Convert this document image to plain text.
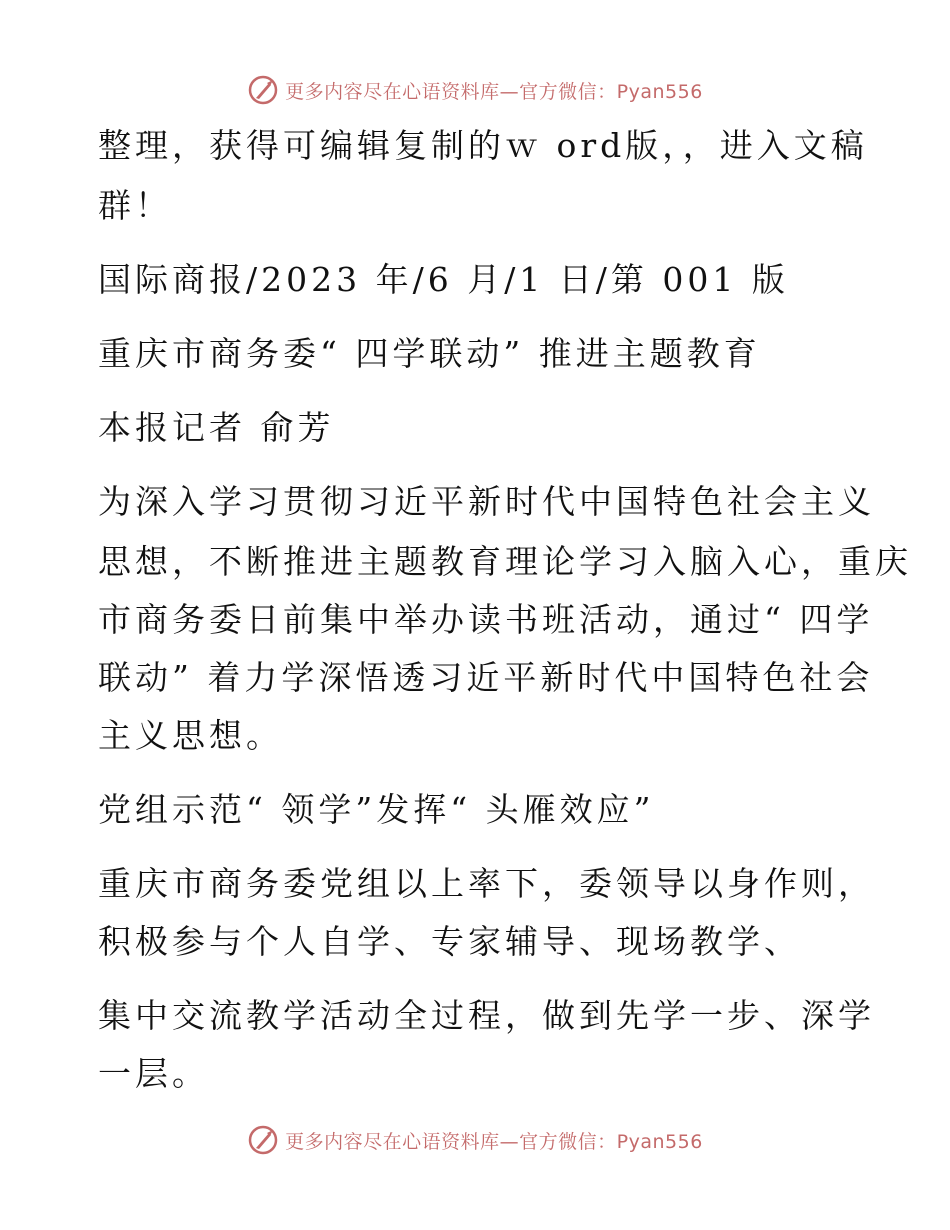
更多内容尽在心语资料库—官方微信：Pyan556
整理，获得可编辑复制的ｗ ord版，，进入文稿
群！
国际商报/2023 年/6 月/1 日/第 001 版
重庆市商务委“ 四学联动” 推进主题教育
本报记者 俞芳
为深入学习贯彻习近平新时代中国特色社会主义
思想，不断推进主题教育理论学习入脑入心，重庆
市商务委日前集中举办读书班活动，通过“ 四学
联动” 着力学深悟透习近平新时代中国特色社会
主义思想。
党组示范“ 领学”发挥“ 头雁效应”
重庆市商务委党组以上率下，委领导以身作则，
积极参与个人自学、专家辅导、现场教学、
集中交流教学活动全过程，做到先学一步、深学
一层。
更多内容尽在心语资料库—官方微信：Pyan556
